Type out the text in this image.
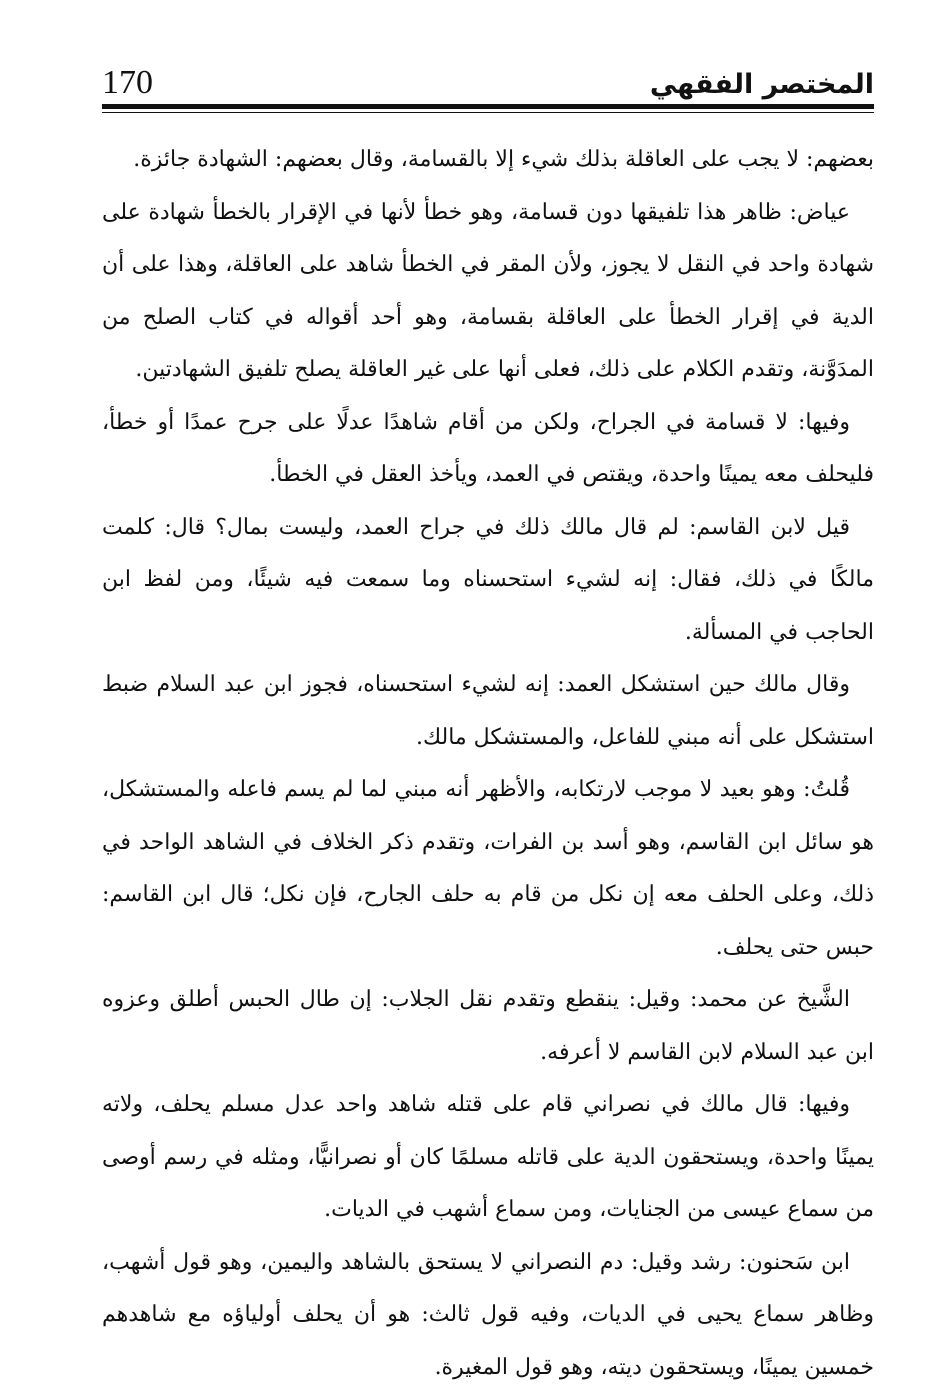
170	المختصر الفقهي

بعضهم: لا يجب على العاقلة بذلك شيء إلا بالقسامة، وقال بعضهم: الشهادة جائزة.

عياض: ظاهر هذا تلفيقها دون قسامة، وهو خطأ لأنها في الإقرار بالخطأ شهادة على شهادة واحد في النقل لا يجوز، ولأن المقر في الخطأ شاهد على العاقلة، وهذا على أن الدية في إقرار الخطأ على العاقلة بقسامة، وهو أحد أقواله في كتاب الصلح من المدَوَّنة، وتقدم الكلام على ذلك، فعلى أنها على غير العاقلة يصلح تلفيق الشهادتين.

وفيها: لا قسامة في الجراح، ولكن من أقام شاهدًا عدلًا على جرح عمدًا أو خطأ، فليحلف معه يمينًا واحدة، ويقتص في العمد، ويأخذ العقل في الخطأ.

قيل لابن القاسم: لم قال مالك ذلك في جراح العمد، وليست بمال؟ قال: كلمت مالكًا في ذلك، فقال: إنه لشيء استحسناه وما سمعت فيه شيئًا، ومن لفظ ابن الحاجب في المسألة.

وقال مالك حين استشكل العمد: إنه لشيء استحسناه، فجوز ابن عبد السلام ضبط استشكل على أنه مبني للفاعل، والمستشكل مالك.

قُلتُ: وهو بعيد لا موجب لارتكابه، والأظهر أنه مبني لما لم يسم فاعله والمستشكل، هو سائل ابن القاسم، وهو أسد بن الفرات، وتقدم ذكر الخلاف في الشاهد الواحد في ذلك، وعلى الحلف معه إن نكل من قام به حلف الجارح، فإن نكل؛ قال ابن القاسم: حبس حتى يحلف.

الشَّيخ عن محمد: وقيل: ينقطع وتقدم نقل الجلاب: إن طال الحبس أطلق وعزوه ابن عبد السلام لابن القاسم لا أعرفه.

وفيها: قال مالك في نصراني قام على قتله شاهد واحد عدل مسلم يحلف، ولاته يمينًا واحدة، ويستحقون الدية على قاتله مسلمًا كان أو نصرانيًّا، ومثله في رسم أوصى من سماع عيسى من الجنايات، ومن سماع أشهب في الديات.

ابن سَحنون: رشد وقيل: دم النصراني لا يستحق بالشاهد واليمين، وهو قول أشهب، وظاهر سماع يحيى في الديات، وفيه قول ثالث: هو أن يحلف أولياؤه مع شاهدهم خمسين يمينًا، ويستحقون ديته، وهو قول المغيرة.
